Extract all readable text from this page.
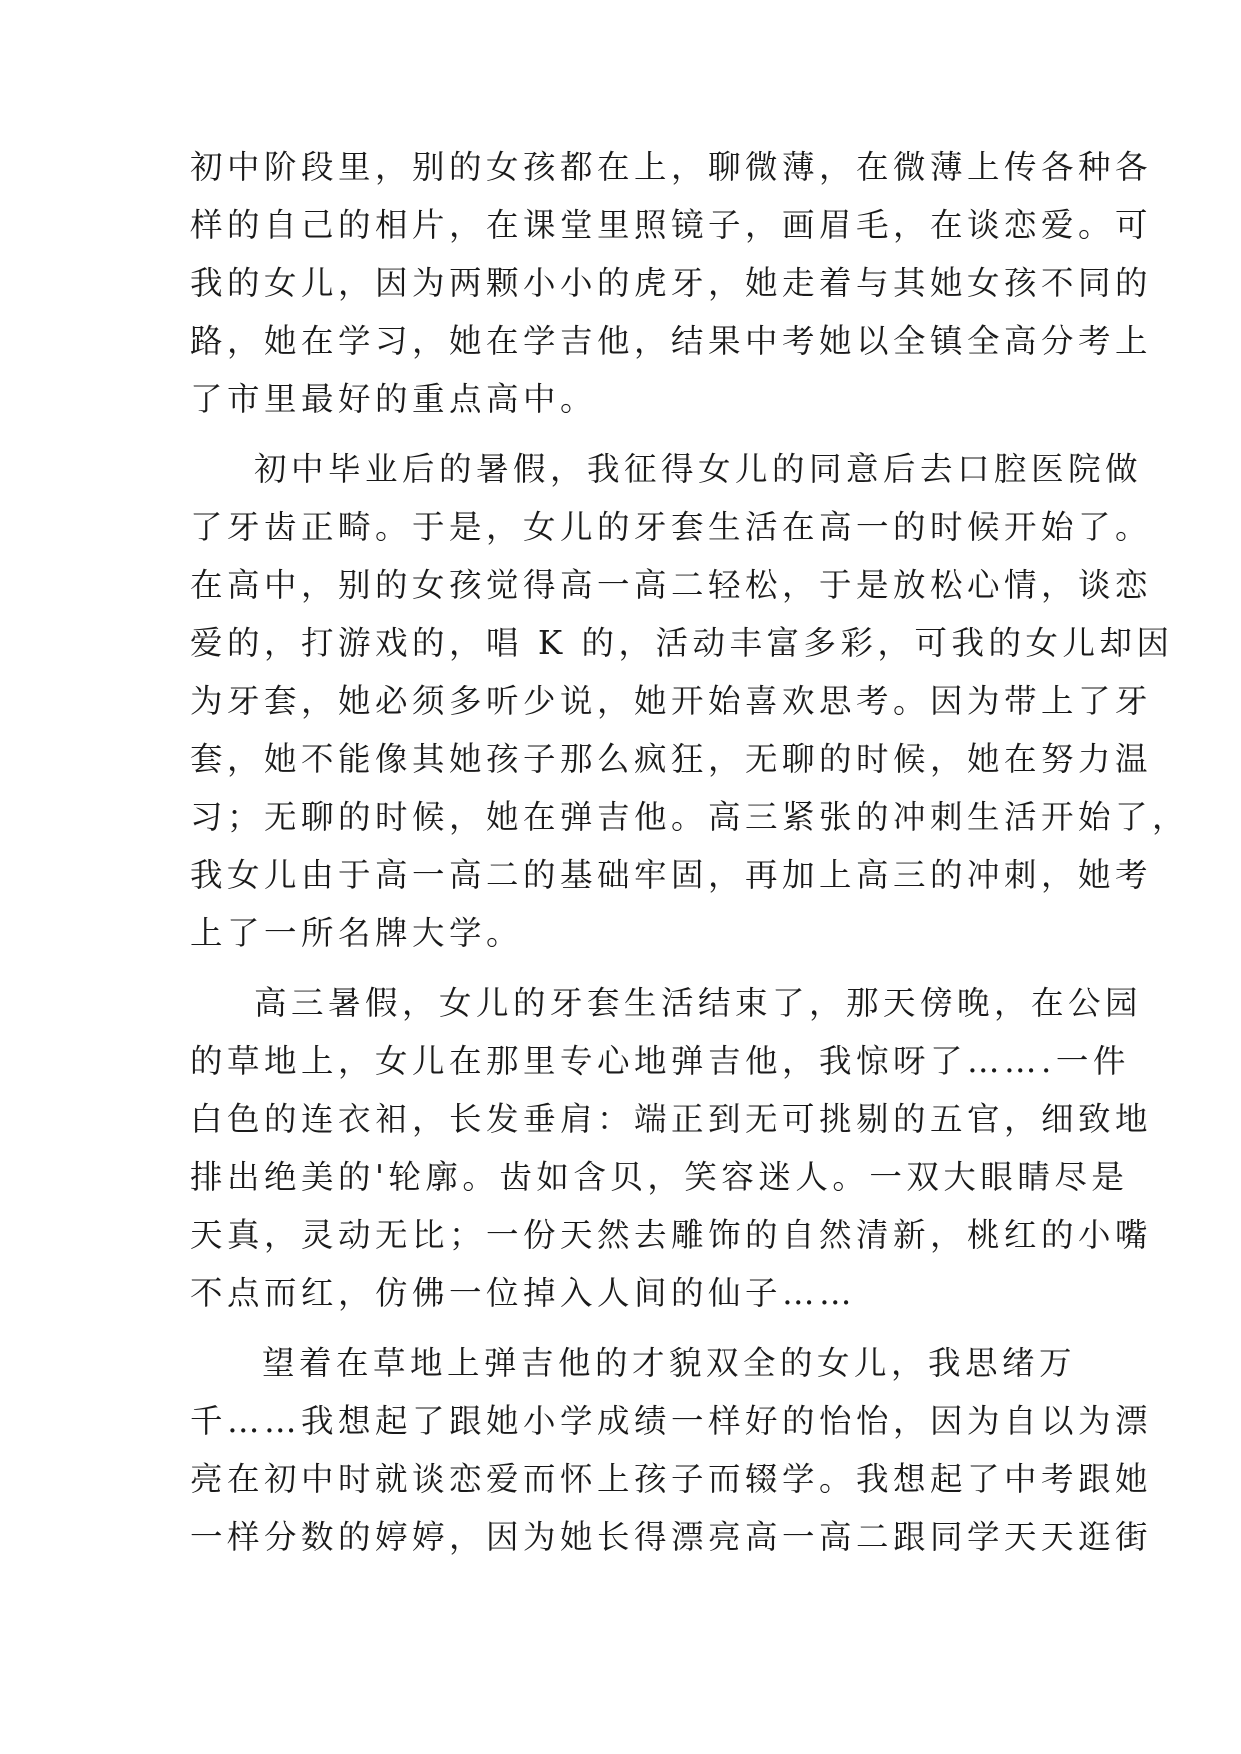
初中阶段里，别的女孩都在上，聊微薄，在微薄上传各种各
样的自己的相片，在课堂里照镜子，画眉毛，在谈恋爱。可
我的女儿，因为两颗小小的虎牙，她走着与其她女孩不同的
路，她在学习，她在学吉他，结果中考她以全镇全高分考上
了市里最好的重点高中。
初中毕业后的暑假，我征得女儿的同意后去口腔医院做
了牙齿正畸。于是，女儿的牙套生活在高一的时候开始了。
在高中，别的女孩觉得高一高二轻松，于是放松心情，谈恋
爱的，打游戏的，唱 K 的，活动丰富多彩，可我的女儿却因
为牙套，她必须多听少说，她开始喜欢思考。因为带上了牙
套，她不能像其她孩子那么疯狂，无聊的时候，她在努力温
习；无聊的时候，她在弹吉他。高三紧张的冲刺生活开始了，
我女儿由于高一高二的基础牢固，再加上高三的冲刺，她考
上了一所名牌大学。
高三暑假，女儿的牙套生活结束了，那天傍晚，在公园
的草地上，女儿在那里专心地弹吉他，我惊呀了…….一件
白色的连衣衵，长发垂肩：端正到无可挑剔的五官，细致地
排出绝美的'轮廓。齿如含贝，笑容迷人。一双大眼睛尽是
天真，灵动无比；一份天然去雕饰的自然清新，桃红的小嘴
不点而红，仿佛一位掉入人间的仙子……
望着在草地上弹吉他的才貌双全的女儿，我思绪万
千……我想起了跟她小学成绩一样好的怡怡，因为自以为漂
亮在初中时就谈恋爱而怀上孩子而辍学。我想起了中考跟她
一样分数的婷婷，因为她长得漂亮高一高二跟同学天天逛街
